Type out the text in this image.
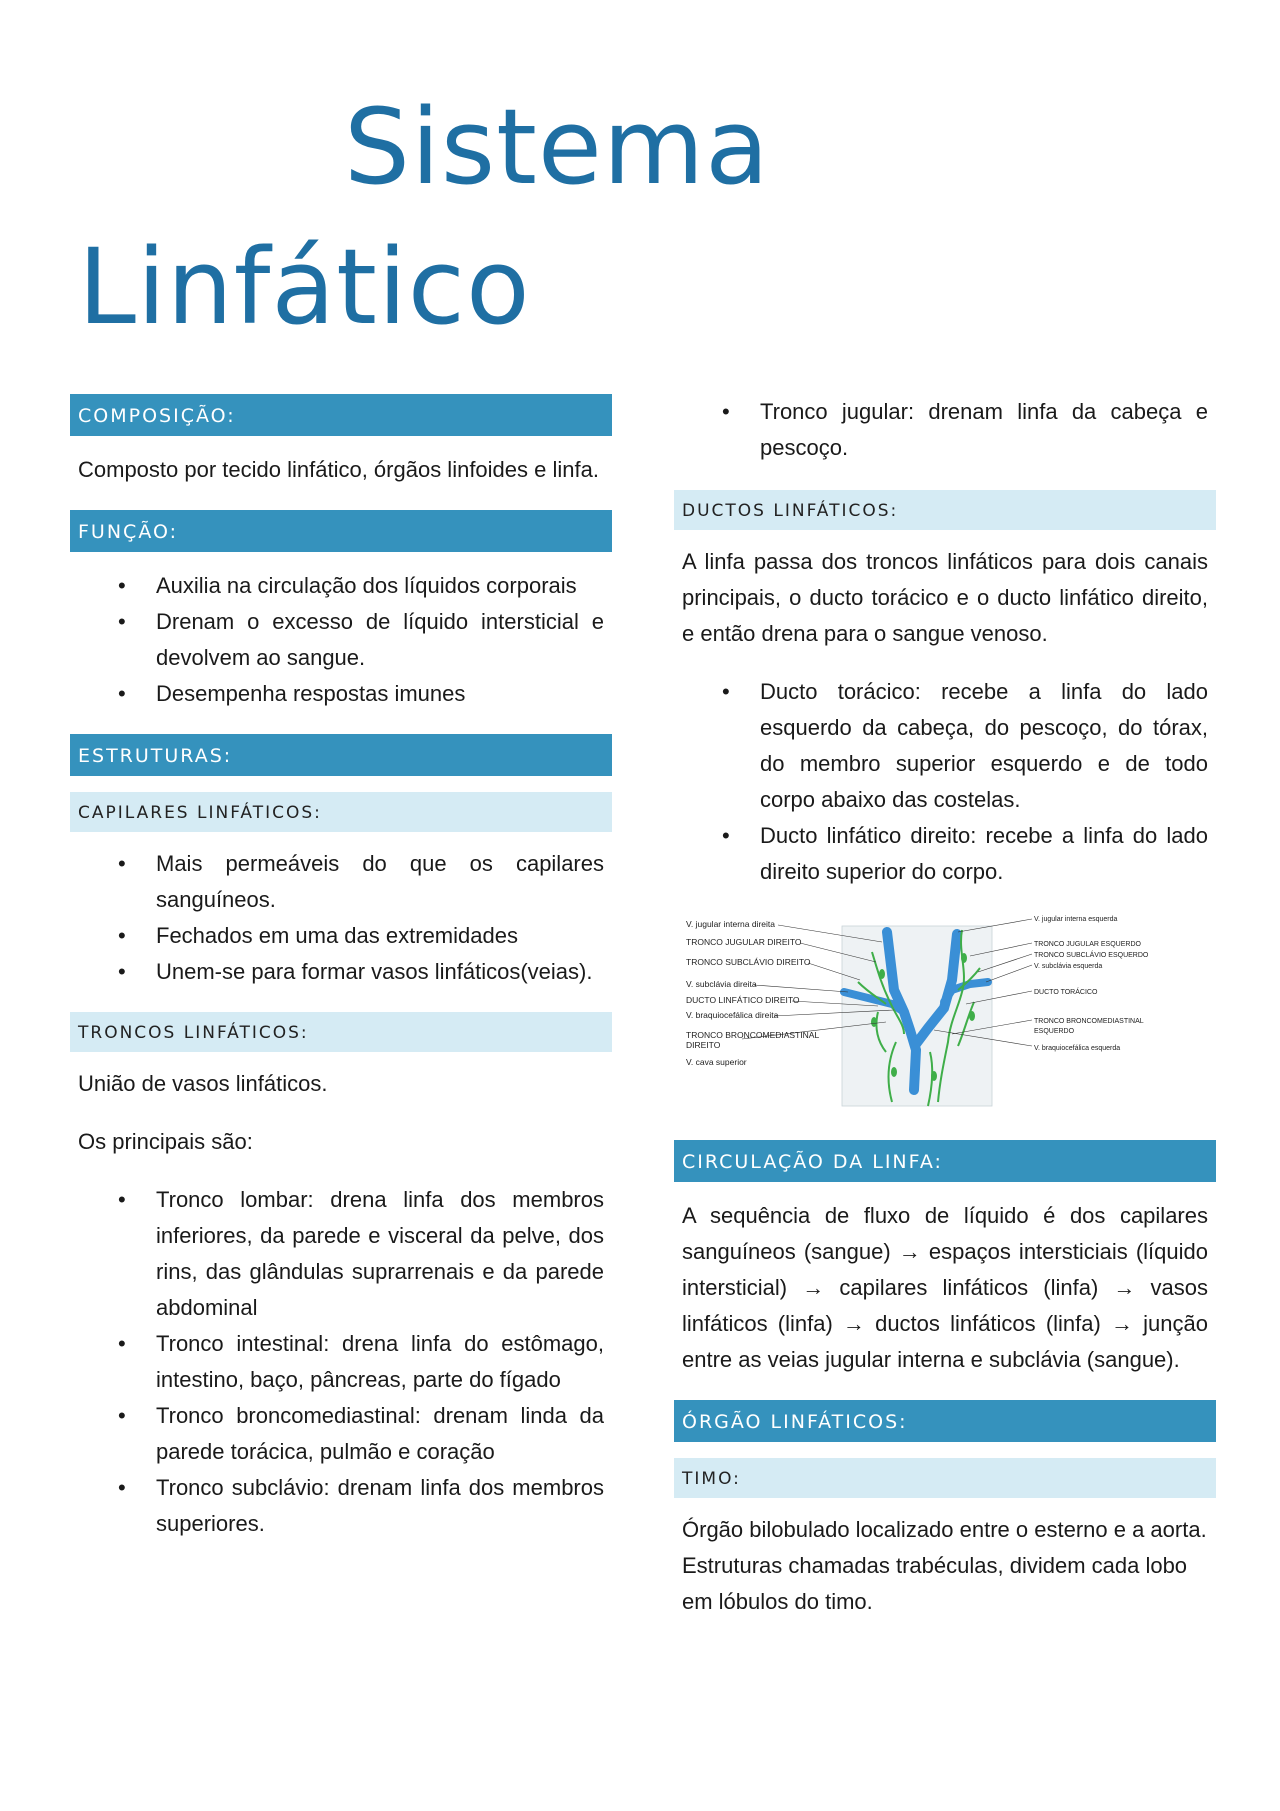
Sistema
Linfático
COMPOSIÇÃO:

Composto por tecido linfático, órgãos linfoides e linfa.

FUNÇÃO:
• Auxilia na circulação dos líquidos corporais
• Drenam o excesso de líquido intersticial e devolvem ao sangue.
• Desempenha respostas imunes
ESTRUTURAS:
CAPILARES LINFÁTICOS:
• Mais permeáveis do que os capilares sanguíneos.
• Fechados em uma das extremidades
• Unem-se para formar vasos linfáticos(veias).
TRONCOS LINFÁTICOS:

União de vasos linfáticos.

Os principais são:

• Tronco lombar: drena linfa dos membros inferiores, da parede e visceral da pelve, dos rins, das glândulas suprarrenais e da parede abdominal
• Tronco intestinal: drena linfa do estômago, intestino, baço, pâncreas, parte do fígado
• Tronco broncomediastinal: drenam linda da parede torácica, pulmão e coração
• Tronco subclávio: drenam linfa dos membros superiores.
• Tronco jugular: drenam linfa da cabeça e pescoço.
DUCTOS LINFÁTICOS:

A linfa passa dos troncos linfáticos para dois canais principais, o ducto torácico e o ducto linfático direito, e então drena para o sangue venoso.

• Ducto torácico: recebe a linfa do lado esquerdo da cabeça, do pescoço, do tórax, do membro superior esquerdo e de todo corpo abaixo das costelas.
• Ducto linfático direito: recebe a linfa do lado direito superior do corpo.
V. jugular interna direita
TRONCO JUGULAR DIREITO
TRONCO SUBCLÁVIO DIREITO
V. subclávia direita
DUCTO LINFÁTICO DIREITO
V. braquiocefálica direita
TRONCO BRONCOMEDIASTINAL
DIREITO
V. cava superior
V. jugular interna esquerda
TRONCO JUGULAR ESQUERDO
TRONCO SUBCLÁVIO ESQUERDO
V. subclávia esquerda
DUCTO TORÁCICO
TRONCO BRONCOMEDIASTINAL
ESQUERDO
V. braquiocefálica esquerda
CIRCULAÇÃO DA LINFA:

A sequência de fluxo de líquido é dos capilares sanguíneos (sangue) → espaços intersticiais (líquido intersticial) → capilares linfáticos (linfa) → vasos linfáticos (linfa) → ductos linfáticos (linfa) → junção entre as veias jugular interna e subclávia (sangue).

ÓRGÃO LINFÁTICOS:
TIMO:

Órgão bilobulado localizado entre o esterno e a aorta. Estruturas chamadas trabéculas, dividem cada lobo em lóbulos do timo.
